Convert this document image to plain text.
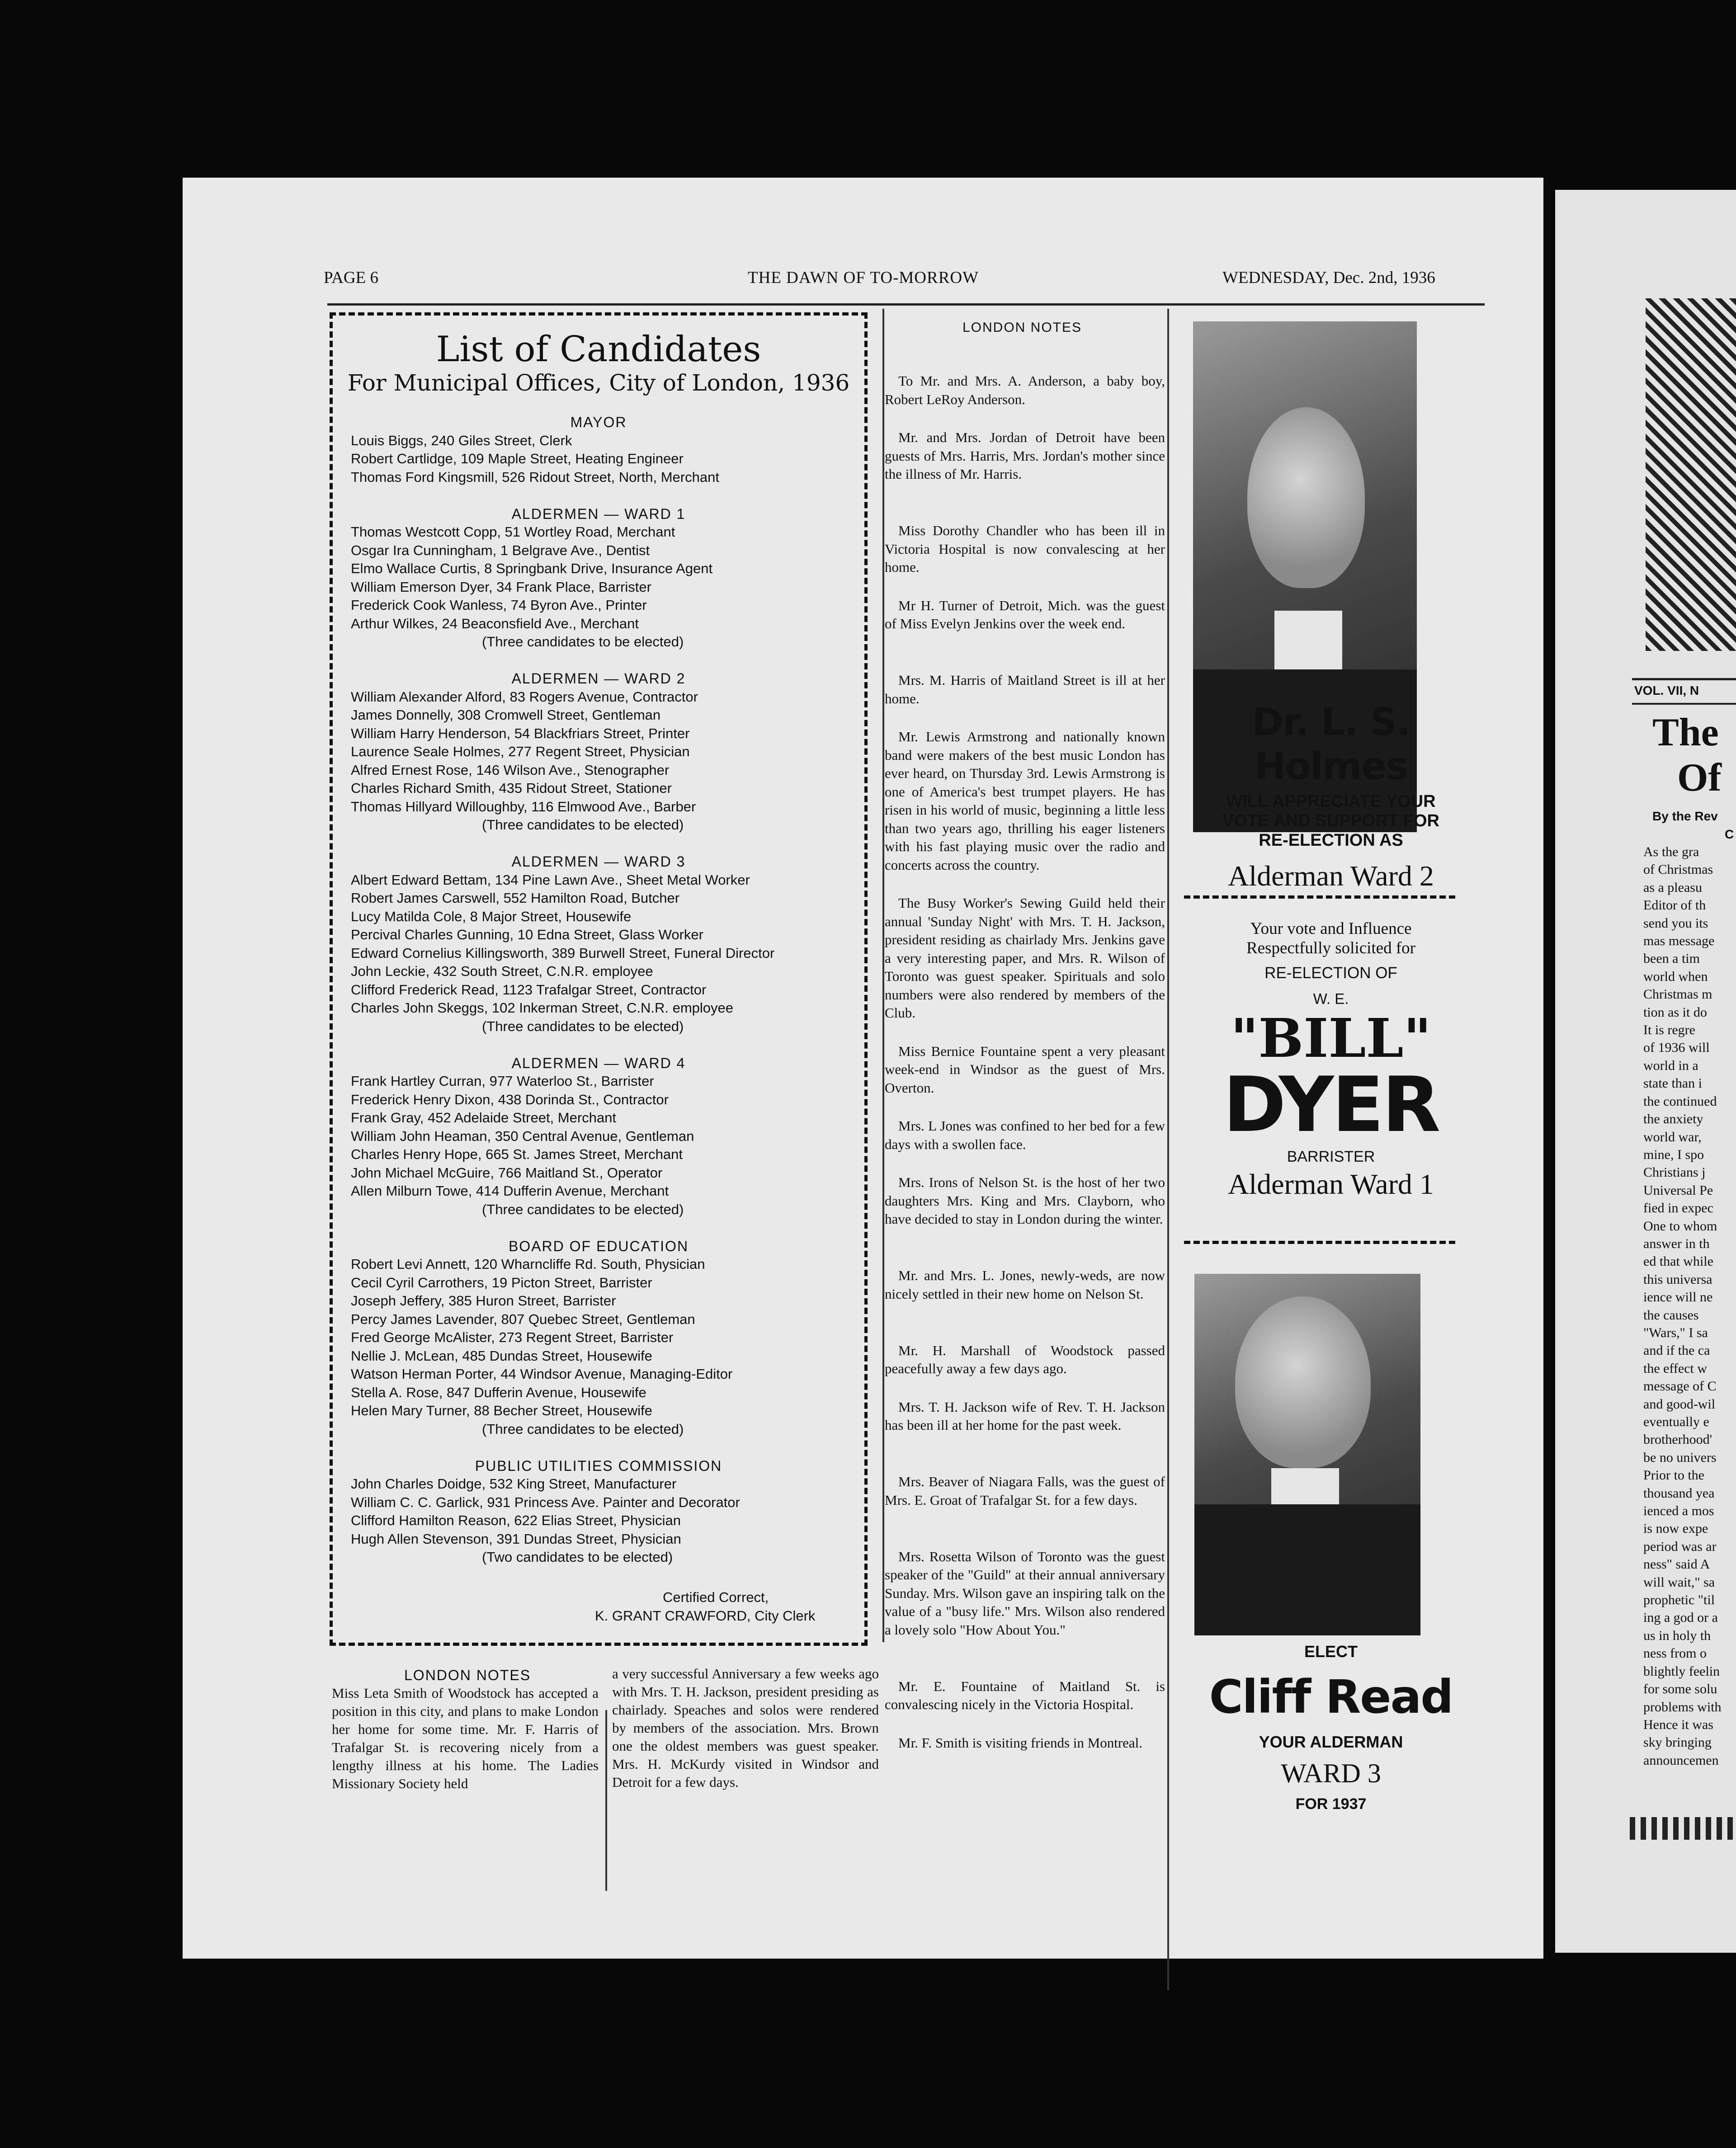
VOL. VII, N
The
Of
By the Rev
C
As the gra
of Christmas
as a pleasu
Editor of th
send you its
mas message
been a tim
world when
Christmas m
tion as it do
It is regre
of 1936 will
world in a
state than i
the continued
the anxiety
world war,
mine, I spo
Christians j
Universal Pe
fied in expec
One to whom
answer in th
ed that while
this universa
ience will ne
the causes
"Wars," I sa
and if the ca
the effect w
message of C
and good-wil
eventually e
brotherhood'
be no univers
Prior to the
thousand yea
ienced a mos
is now expe
period was ar
ness" said A
will wait," sa
prophetic "til
ing a god or a
us in holy th
ness from o
blightly feelin
for some solu
problems with
Hence it was
sky bringing
announcemen
PAGE 6	THE DAWN OF TO-MORROW	WEDNESDAY, Dec. 2nd, 1936
List of Candidates
For Municipal Offices, City of London, 1936
MAYOR
Louis Biggs, 240 Giles Street, Clerk
Robert Cartlidge, 109 Maple Street, Heating Engineer
Thomas Ford Kingsmill, 526 Ridout Street, North, Merchant
ALDERMEN — WARD 1
Thomas Westcott Copp, 51 Wortley Road, Merchant
Osgar Ira Cunningham, 1 Belgrave Ave., Dentist
Elmo Wallace Curtis, 8 Springbank Drive, Insurance Agent
William Emerson Dyer, 34 Frank Place, Barrister
Frederick Cook Wanless, 74 Byron Ave., Printer
Arthur Wilkes, 24 Beaconsfield Ave., Merchant
(Three candidates to be elected)
ALDERMEN — WARD 2
William Alexander Alford, 83 Rogers Avenue, Contractor
James Donnelly, 308 Cromwell Street, Gentleman
William Harry Henderson, 54 Blackfriars Street, Printer
Laurence Seale Holmes, 277 Regent Street, Physician
Alfred Ernest Rose, 146 Wilson Ave., Stenographer
Charles Richard Smith, 435 Ridout Street, Stationer
Thomas Hillyard Willoughby, 116 Elmwood Ave., Barber
(Three candidates to be elected)
ALDERMEN — WARD 3
Albert Edward Bettam, 134 Pine Lawn Ave., Sheet Metal Worker
Robert James Carswell, 552 Hamilton Road, Butcher
Lucy Matilda Cole, 8 Major Street, Housewife
Percival Charles Gunning, 10 Edna Street, Glass Worker
Edward Cornelius Killingsworth, 389 Burwell Street, Funeral Director
John Leckie, 432 South Street, C.N.R. employee
Clifford Frederick Read, 1123 Trafalgar Street, Contractor
Charles John Skeggs, 102 Inkerman Street, C.N.R. employee
(Three candidates to be elected)
ALDERMEN — WARD 4
Frank Hartley Curran, 977 Waterloo St., Barrister
Frederick Henry Dixon, 438 Dorinda St., Contractor
Frank Gray, 452 Adelaide Street, Merchant
William John Heaman, 350 Central Avenue, Gentleman
Charles Henry Hope, 665 St. James Street, Merchant
John Michael McGuire, 766 Maitland St., Operator
Allen Milburn Towe, 414 Dufferin Avenue, Merchant
(Three candidates to be elected)
BOARD OF EDUCATION
Robert Levi Annett, 120 Wharncliffe Rd. South, Physician
Cecil Cyril Carrothers, 19 Picton Street, Barrister
Joseph Jeffery, 385 Huron Street, Barrister
Percy James Lavender, 807 Quebec Street, Gentleman
Fred George McAlister, 273 Regent Street, Barrister
Nellie J. McLean, 485 Dundas Street, Housewife
Watson Herman Porter, 44 Windsor Avenue, Managing-Editor
Stella A. Rose, 847 Dufferin Avenue, Housewife
Helen Mary Turner, 88 Becher Street, Housewife
(Three candidates to be elected)
PUBLIC UTILITIES COMMISSION
John Charles Doidge, 532 King Street, Manufacturer
William C. C. Garlick, 931 Princess Ave. Painter and Decorator
Clifford Hamilton Reason, 622 Elias Street, Physician
Hugh Allen Stevenson, 391 Dundas Street, Physician
(Two candidates to be elected)
Certified Correct,
K. GRANT CRAWFORD, City Clerk
LONDON NOTES
Miss Leta Smith of Woodstock has accepted a position in this city, and plans to make London her home for some time. Mr. F. Harris of Trafalgar St. is recovering nicely from a lengthy illness at his home. The Ladies Missionary Society held
a very successful Anniversary a few weeks ago with Mrs. T. H. Jackson, president presiding as chairlady. Speaches and solos were rendered by members of the association. Mrs. Brown one the oldest members was guest speaker. Mrs. H. McKurdy visited in Windsor and Detroit for a few days.
LONDON NOTES

To Mr. and Mrs. A. Anderson, a baby boy, Robert LeRoy Anderson.

Mr. and Mrs. Jordan of Detroit have been guests of Mrs. Harris, Mrs. Jordan's mother since the illness of Mr. Harris.

Miss Dorothy Chandler who has been ill in Victoria Hospital is now convalescing at her home.

Mr H. Turner of Detroit, Mich. was the guest of Miss Evelyn Jenkins over the week end.

Mrs. M. Harris of Maitland Street is ill at her home.

Mr. Lewis Armstrong and nationally known band were makers of the best music London has ever heard, on Thursday 3rd. Lewis Armstrong is one of America's best trumpet players. He has risen in his world of music, beginning a little less than two years ago, thrilling his eager listeners with his fast playing music over the radio and concerts across the country.

The Busy Worker's Sewing Guild held their annual 'Sunday Night' with Mrs. T. H. Jackson, president residing as chairlady Mrs. Jenkins gave a very interesting paper, and Mrs. R. Wilson of Toronto was guest speaker. Spirituals and solo numbers were also rendered by members of the Club.

Miss Bernice Fountaine spent a very pleasant week-end in Windsor as the guest of Mrs. Overton.

Mrs. L Jones was confined to her bed for a few days with a swollen face.

Mrs. Irons of Nelson St. is the host of her two daughters Mrs. King and Mrs. Clayborn, who have decided to stay in London during the winter.

Mr. and Mrs. L. Jones, newly-weds, are now nicely settled in their new home on Nelson St.

Mr. H. Marshall of Woodstock passed peacefully away a few days ago.

Mrs. T. H. Jackson wife of Rev. T. H. Jackson has been ill at her home for the past week.

Mrs. Beaver of Niagara Falls, was the guest of Mrs. E. Groat of Trafalgar St. for a few days.

Mrs. Rosetta Wilson of Toronto was the guest speaker of the "Guild" at their annual anniversary Sunday. Mrs. Wilson gave an inspiring talk on the value of a "busy life." Mrs. Wilson also rendered a lovely solo "How About You."

Mr. E. Fountaine of Maitland St. is convalescing nicely in the Victoria Hospital.

Mr. F. Smith is visiting friends in Montreal.

Dr. L. S. Holmes
WILL APPRECIATE YOUR
VOTE AND SUPPORT FOR
RE-ELECTION AS
Alderman Ward 2
Your vote and Influence
Respectfully solicited for
RE-ELECTION OF
W. E.
"BILL"
DYER
BARRISTER
Alderman Ward 1
ELECT
Cliff Read
YOUR ALDERMAN
WARD 3
FOR 1937
